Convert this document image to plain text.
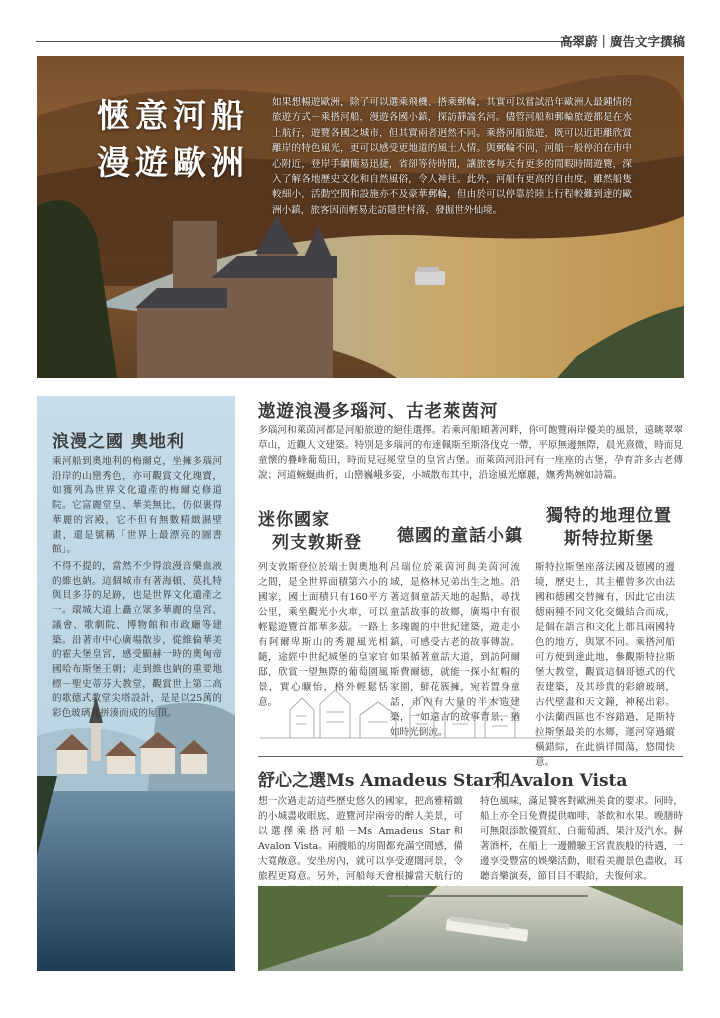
高翠蔚｜廣告文字撰稿
愜意河船
漫遊歐洲
如果想暢遊歐洲，除了可以選乘飛機、搭乘郵輪，其實可以嘗試沿年歐洲人最鍾情的旅遊方式－乘搭河船，漫遊各國小鎮，探訪靜謐名河。儘管河船和郵輪旅遊都是在水上航行，遊覽各國之城市，但其實兩者迥然不同。乘搭河船旅遊，既可以近距離欣賞離岸的特色風光，更可以感受更地道的風土人情。與郵輪不同，河船一般停泊在市中心附近，登岸手續簡易迅捷，省卻等待時間，讓旅客每天有更多的閒暇時間遊覽，深入了解各地歷史文化和自然風俗，令人神往。此外，河船有更高的自由度，雖然船隻較細小，活動空間和設施亦不及豪華郵輪，但由於可以停靠於陸上行程較難到達的歐洲小鎮，旅客因而輕易走訪隱世村落，發掘世外仙境。
浪漫之國 奧地利
乘河船到奧地利的梅爾克，坐擁多瑙河沿岸的山巒秀色，亦可觀賞文化瑰寶，如獲列為世界文化遺產的梅爾克修道院。它富麗堂皇、華美無比，仿似裹得華麗的宮殿，它不但有無數精緻濕壁畫，還是號稱「世界上最漂亮的圖書館」。
不得不提的，當然不少得浪漫音樂血液的維也納。這個城市有著海頓、莫扎特與貝多芬的足跡，也是世界文化遺產之一。環城大道上矗立眾多華麗的皇宮、議會、歌劇院、博物館和市政廳等建築。沿著市中心廣場散步，從維倫華美的霍夫堡皇宮，感受顯赫一時的奧匈帝國哈布斯堡王朝；走到維也納的重要地標－聖史蒂芬大教堂，觀賞世上第二高的歌德式教堂尖塔設計，是是以25萬的彩色玻璃瓦拼湊而成的屋頂。
遨遊浪漫多瑙河、古老萊茵河
多瑙河和萊茵河都是河船旅遊的絕佳選擇。若乘河船順著河畔，你可飽覽兩岸優美的風景，遠眺翠翠草山，近觀人文建築。特別是多瑙河的布達佩斯至斯洛伐克一帶，平原無邊無際，晨光熹微，時而見童懷的疊峰葡萄田，時而見冠冕堂皇的皇宮古堡。而萊茵河沿河有一座座的古堡，孕育許多古老傳說；河道蜿蜒曲折，山巒巍峨多姿，小城散布其中，沿途風光靡麗，嫵秀雋婉如詩篇。
迷你國家
列支敦斯登
列支敦斯登位於瑞士與奧地利之間，是全世界面積第六小的國家，國土面積只有160平方公里，乘坐觀光小火車，可以輕鬆遊覽首都華多茲。一路上有阿爾卑斯山的秀麗風光相隨，途經中世紀城堡的皇家官邸，欣賞一望無際的葡萄園風景，實心曠怡，格外輕鬆恬意。
德國的童話小鎮
呂瑞位於萊茵河與美茵河流域，是格林兄弟出生之地。沿著這個童話天地的起點，尋找童話故事的故鄉，廣場中有很多瑰麗的中世紀建築，遊走小鎮，可感受古老的故事傳說。如果循著童話大道，到訪阿爾斯費爾德，就能一探小紅帽的家園，鮮花簇擁，宛若置身童話，市內有大量的半木造建築，一如遠古的故事背景，猶如時光倒流。
獨特的地理位置
斯特拉斯堡
斯特拉斯堡座落法國及德國的邊境，歷史上，其主權曾多次由法國和德國交替擁有，因此它由法德兩種不同文化交織結合而成，是個在語言和文化上都具兩國特色的地方，與眾不同。乘搭河船可方便到達此地，參觀斯特拉斯堡大教堂，觀賞這個哥德式的代表建築，及其珍貴的彩繪玻璃，古代壁畫和天文鐘，神秘出彩。小法蘭西區也不容錯過，是斯特拉斯堡最美的水鄉，運河穿過縱橫錯綜，在此徜徉閒蕩，悠閒快意。
舒心之選Ms Amadeus Star和Avalon Vista
想一次過走訪這些歷史悠久的國家，把高雅精緻的小城盡收眼底，遊覽河岸兩旁的醉人美景，可以選擇乘搭河船－Ms Amadeus Star和Avalon Vista。兩艘船的房間都充滿空間感，備大寬敞意。安坐房內，就可以享受遼闊河景，令旅程更寫意。另外，河船每天會根據當天航行的
特色風味，滿足饕客對歐洲美食的要求。同時，船上亦全日免費提供咖啡、茶飲和水果。晚膳時可無限添飲優質紅、白葡萄酒、果汁及汽水。摒著酒杯，在船上一邊體驗王宮貴族般的待遇，一邊享受豐富的娛樂活動，眼看美麗景色盡收，耳聽音樂演奏，節目目不暇給，夫復何求。
